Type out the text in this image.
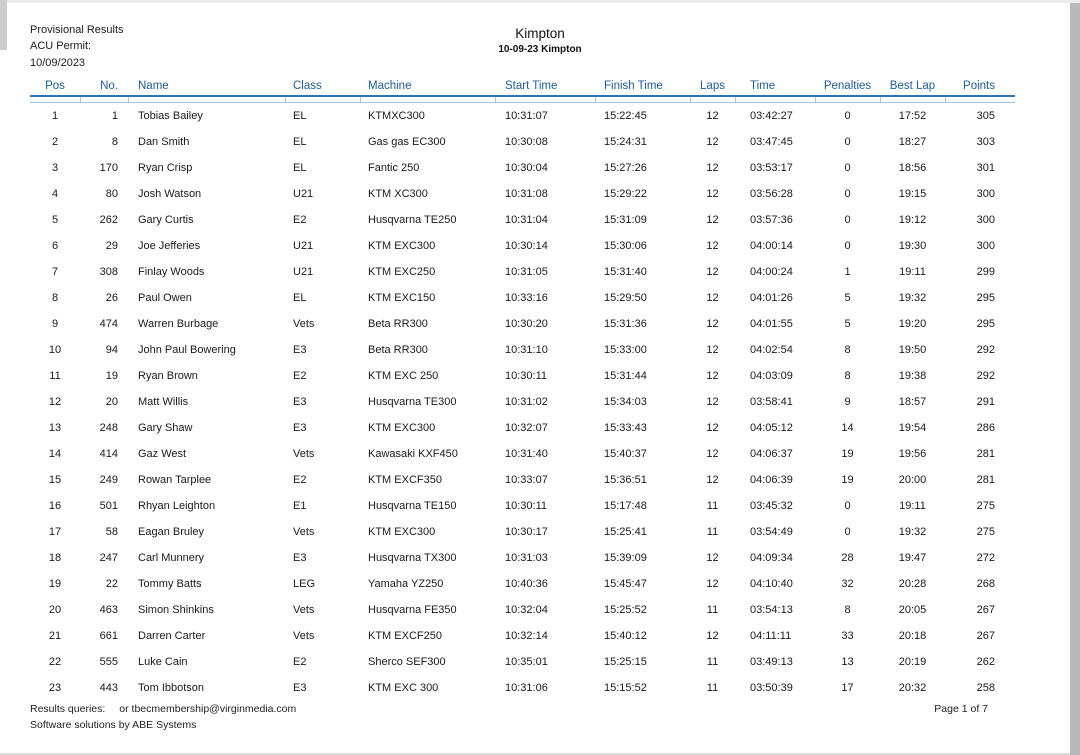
Provisional Results
ACU Permit:
10/09/2023
Kimpton
10-09-23 Kimpton
Pos	No.	Name	Class	Machine	Start Time	Finish Time	Laps	Time	Penalties	Best Lap	Points

1	1	Tobias Bailey	EL	KTMXC300	10:31:07	15:22:45	12	03:42:27	0	17:52	305
2	8	Dan Smith	EL	Gas gas EC300	10:30:08	15:24:31	12	03:47:45	0	18:27	303
3	170	Ryan Crisp	EL	Fantic 250	10:30:04	15:27:26	12	03:53:17	0	18:56	301
4	80	Josh Watson	U21	KTM XC300	10:31:08	15:29:22	12	03:56:28	0	19:15	300
5	262	Gary Curtis	E2	Husqvarna TE250	10:31:04	15:31:09	12	03:57:36	0	19:12	300
6	29	Joe Jefferies	U21	KTM EXC300	10:30:14	15:30:06	12	04:00:14	0	19:30	300
7	308	Finlay Woods	U21	KTM EXC250	10:31:05	15:31:40	12	04:00:24	1	19:11	299
8	26	Paul Owen	EL	KTM EXC150	10:33:16	15:29:50	12	04:01:26	5	19:32	295
9	474	Warren Burbage	Vets	Beta RR300	10:30:20	15:31:36	12	04:01:55	5	19:20	295
10	94	John Paul Bowering	E3	Beta RR300	10:31:10	15:33:00	12	04:02:54	8	19:50	292
11	19	Ryan Brown	E2	KTM EXC 250	10:30:11	15:31:44	12	04:03:09	8	19:38	292
12	20	Matt Willis	E3	Husqvarna TE300	10:31:02	15:34:03	12	03:58:41	9	18:57	291
13	248	Gary Shaw	E3	KTM EXC300	10:32:07	15:33:43	12	04:05:12	14	19:54	286
14	414	Gaz West	Vets	Kawasaki KXF450	10:31:40	15:40:37	12	04:06:37	19	19:56	281
15	249	Rowan Tarplee	E2	KTM EXCF350	10:33:07	15:36:51	12	04:06:39	19	20:00	281
16	501	Rhyan Leighton	E1	Husqvarna TE150	10:30:11	15:17:48	11	03:45:32	0	19:11	275
17	58	Eagan Bruley	Vets	KTM EXC300	10:30:17	15:25:41	11	03:54:49	0	19:32	275
18	247	Carl Munnery	E3	Husqvarna TX300	10:31:03	15:39:09	12	04:09:34	28	19:47	272
19	22	Tommy Batts	LEG	Yamaha YZ250	10:40:36	15:45:47	12	04:10:40	32	20:28	268
20	463	Simon Shinkins	Vets	Husqvarna FE350	10:32:04	15:25:52	11	03:54:13	8	20:05	267
21	661	Darren Carter	Vets	KTM EXCF250	10:32:14	15:40:12	12	04:11:11	33	20:18	267
22	555	Luke Cain	E2	Sherco SEF300	10:35:01	15:25:15	11	03:49:13	13	20:19	262
23	443	Tom Ibbotson	E3	KTM EXC 300	10:31:06	15:15:52	11	03:50:39	17	20:32	258
Results queries: or tbecmembership@virginmedia.com	Page 1 of 7
Software solutions by ABE Systems
